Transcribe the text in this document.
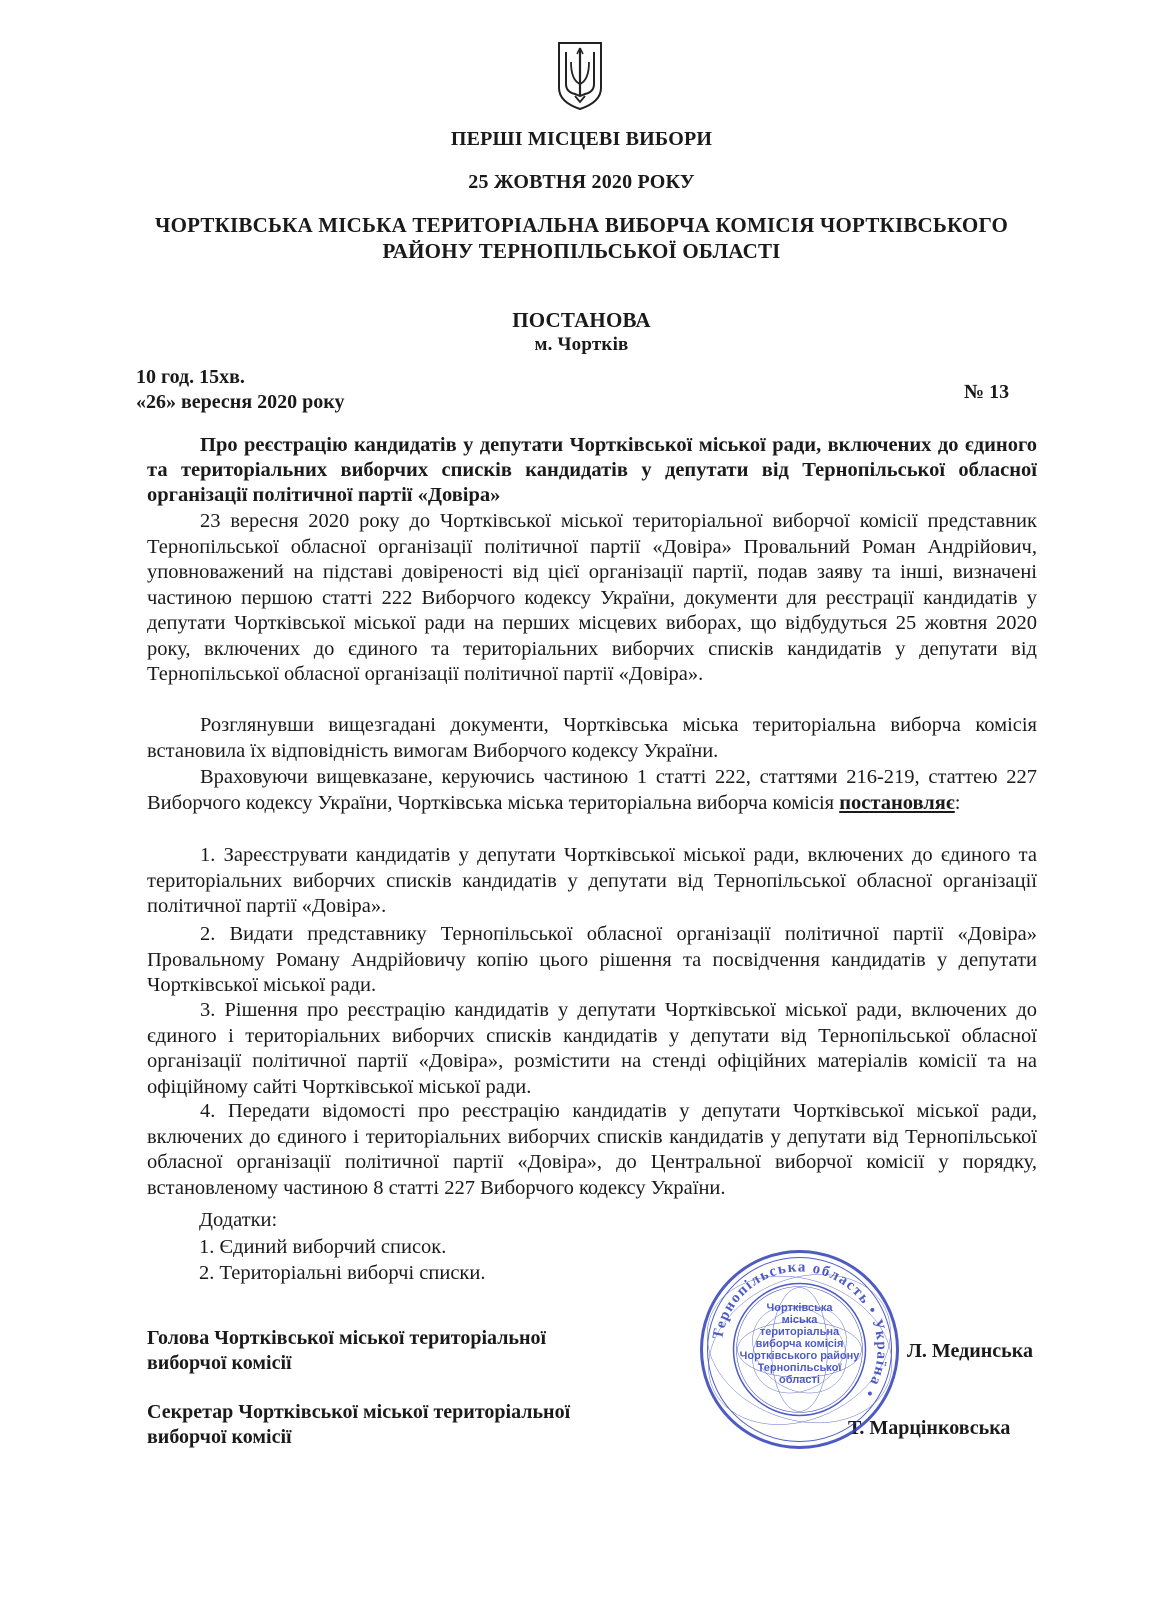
ПЕРШІ МІСЦЕВІ ВИБОРИ
25 ЖОВТНЯ 2020 РОКУ
ЧОРТКІВСЬКА МІСЬКА ТЕРИТОРІАЛЬНА ВИБОРЧА КОМІСІЯ ЧОРТКІВСЬКОГО
РАЙОНУ ТЕРНОПІЛЬСЬКОЇ ОБЛАСТІ
ПОСТАНОВА
м. Чортків
10 год. 15хв.
«26» вересня 2020 року	№ 13

Про реєстрацію кандидатів у депутати Чортківської міської ради, включених до єдиного та територіальних виборчих списків кандидатів у депутати від Тернопільської обласної організації політичної партії «Довіра»

23 вересня 2020 року до Чортківської міської територіальної виборчої комісії представник Тернопільської обласної організації політичної партії «Довіра» Провальний Роман Андрійович, уповноважений на підставі довіреності від цієї організації партії, подав заяву та інші, визначені частиною першою статті 222 Виборчого кодексу України, документи для реєстрації кандидатів у депутати Чортківської міської ради на перших місцевих виборах, що відбудуться 25 жовтня 2020 року, включених до єдиного та територіальних виборчих списків кандидатів у депутати від Тернопільської обласної організації політичної партії «Довіра».

Розглянувши вищезгадані документи, Чортківська міська територіальна виборча комісія встановила їх відповідність вимогам Виборчого кодексу України.

Враховуючи вищевказане, керуючись частиною 1 статті 222, статтями 216-219, статтею 227 Виборчого кодексу України, Чортківська міська територіальна виборча комісія постановляє:

1. Зареєструвати кандидатів у депутати Чортківської міської ради, включених до єдиного та територіальних виборчих списків кандидатів у депутати від Тернопільської обласної організації політичної партії «Довіра».

2. Видати представнику Тернопільської обласної організації політичної партії «Довіра» Провальному Роману Андрійовичу копію цього рішення та посвідчення кандидатів у депутати Чортківської міської ради.

3. Рішення про реєстрацію кандидатів у депутати Чортківської міської ради, включених до єдиного і територіальних виборчих списків кандидатів у депутати від Тернопільської обласної організації політичної партії «Довіра», розмістити на стенді офіційних матеріалів комісії та на офіційному сайті Чортківської міської ради.

4. Передати відомості про реєстрацію кандидатів у депутати Чортківської міської ради, включених до єдиного і територіальних виборчих списків кандидатів у депутати від Тернопільської обласної організації політичної партії «Довіра», до Центральної виборчої комісії у порядку, встановленому частиною 8 статті 227 Виборчого кодексу України.

Додатки:
1. Єдиний виборчий список.
2. Територіальні виборчі списки.
Голова Чортківської міської територіальної
виборчої комісії
Л. Мединська
Секретар Чортківської міської територіальної
виборчої комісії	Т. Марцінковська
Тернопільська область • Україна •
Чортківська
міська
територіальна
виборча комісія
Чортківського району
Тернопільської
області
